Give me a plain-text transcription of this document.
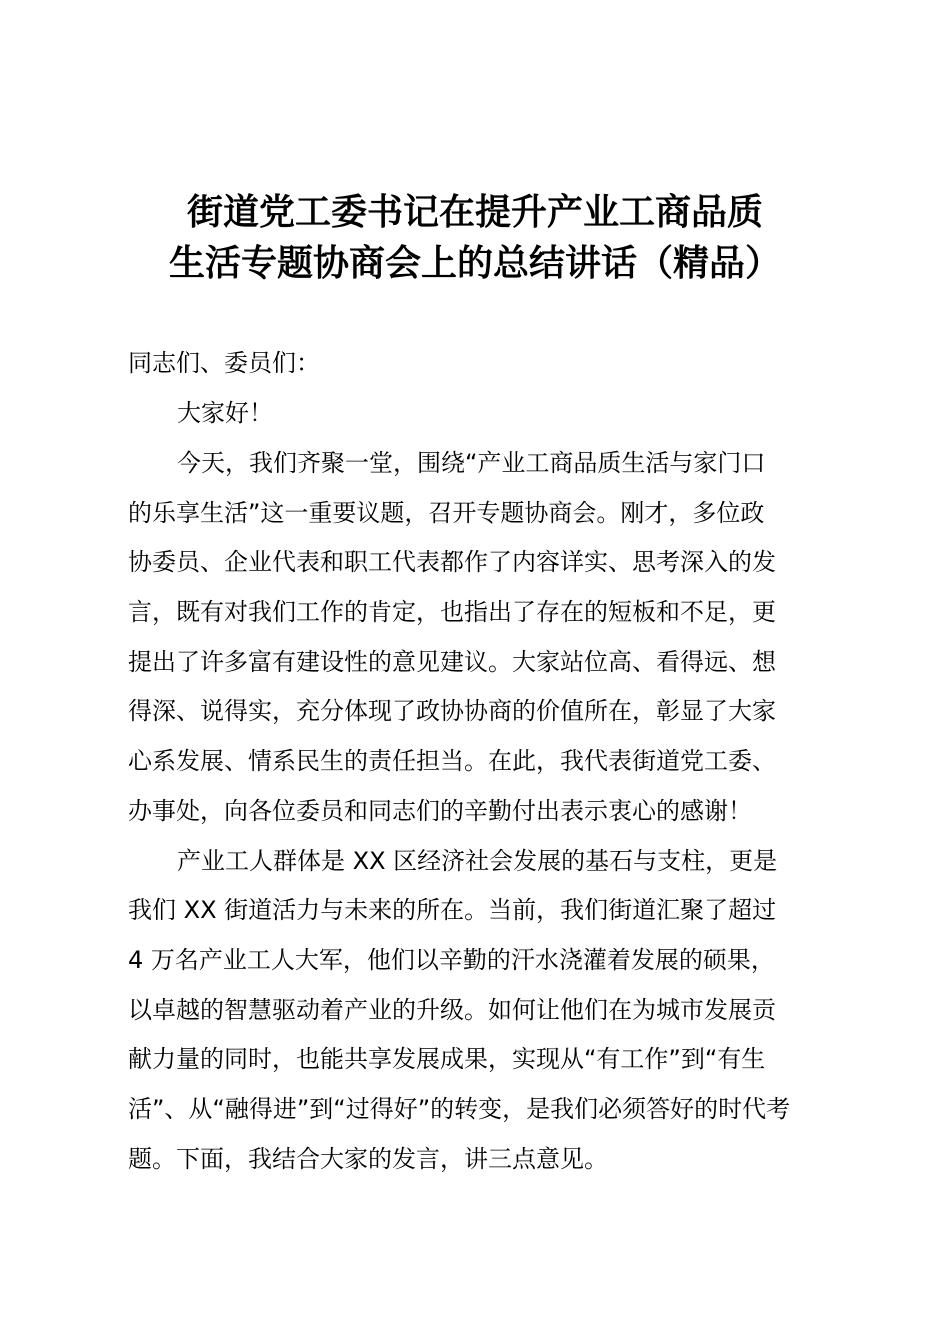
街道党工委书记在提升产业工商品质
生活专题协商会上的总结讲话（精品）

同志们、委员们：

大家好！

今天，我们齐聚一堂，围绕“产业工商品质生活与家门口

的乐享生活”这一重要议题，召开专题协商会。刚才，多位政

协委员、企业代表和职工代表都作了内容详实、思考深入的发

言，既有对我们工作的肯定，也指出了存在的短板和不足，更

提出了许多富有建设性的意见建议。大家站位高、看得远、想

得深、说得实，充分体现了政协协商的价值所在，彰显了大家

心系发展、情系民生的责任担当。在此，我代表街道党工委、

办事处，向各位委员和同志们的辛勤付出表示衷心的感谢！

产业工人群体是 XX 区经济社会发展的基石与支柱，更是

我们 XX 街道活力与未来的所在。当前，我们街道汇聚了超过

4 万名产业工人大军，他们以辛勤的汗水浇灌着发展的硕果，

以卓越的智慧驱动着产业的升级。如何让他们在为城市发展贡

献力量的同时，也能共享发展成果，实现从“有工作”到“有生

活”、从“融得进”到“过得好”的转变，是我们必须答好的时代考

题。下面，我结合大家的发言，讲三点意见。
